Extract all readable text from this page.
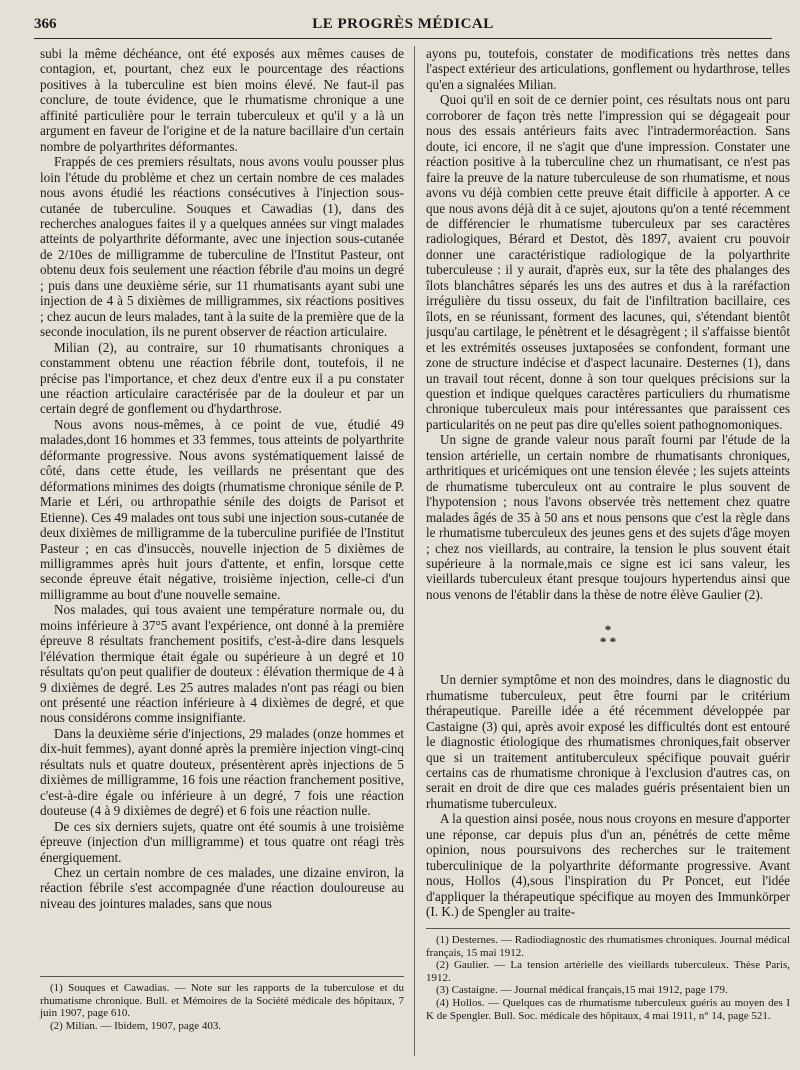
366	LE PROGRÈS MÉDICAL

subi la même déchéance, ont été exposés aux mêmes causes de contagion, et, pourtant, chez eux le pourcentage des réactions positives à la tuberculine est bien moins élevé. Ne faut-il pas conclure, de toute évidence, que le rhumatisme chronique a une affinité particulière pour le terrain tuberculeux et qu'il y a là un argument en faveur de l'origine et de la nature bacillaire d'un certain nombre de polyarthrites déformantes.

Frappés de ces premiers résultats, nous avons voulu pousser plus loin l'étude du problème et chez un certain nombre de ces malades nous avons étudié les réactions consécutives à l'injection sous-cutanée de tuberculine. Souques et Cawadias (1), dans des recherches analogues faites il y a quelques années sur vingt malades atteints de polyarthrite déformante, avec une injection sous-cutanée de 2/10es de milligramme de tuberculine de l'Institut Pasteur, ont obtenu deux fois seulement une réaction fébrile d'au moins un degré ; puis dans une deuxième série, sur 11 rhumatisants ayant subi une injection de 4 à 5 dixièmes de milligrammes, six réactions positives ; chez aucun de leurs malades, tant à la suite de la première que de la seconde inoculation, ils ne purent observer de réaction articulaire.

Milian (2), au contraire, sur 10 rhumatisants chroniques a constamment obtenu une réaction fébrile dont, toutefois, il ne précise pas l'importance, et chez deux d'entre eux il a pu constater une réaction articulaire caractérisée par de la douleur et par un certain degré de gonflement ou d'hydarthrose.

Nous avons nous-mêmes, à ce point de vue, étudié 49 malades,dont 16 hommes et 33 femmes, tous atteints de polyarthrite déformante progressive. Nous avons systématiquement laissé de côté, dans cette étude, les veillards ne présentant que des déformations minimes des doigts (rhumatisme chronique sénile de P. Marie et Léri, ou arthropathie sénile des doigts de Parisot et Etienne). Ces 49 malades ont tous subi une injection sous-cutanée de deux dixièmes de milligramme de la tuberculine purifiée de l'Institut Pasteur ; en cas d'insuccès, nouvelle injection de 5 dixièmes de milligrammes après huit jours d'attente, et enfin, lorsque cette seconde épreuve était négative, troisième injection, celle-ci d'un milligramme au bout d'une nouvelle semaine.

Nos malades, qui tous avaient une température normale ou, du moins inférieure à 37°5 avant l'expérience, ont donné à la première épreuve 8 résultats franchement positifs, c'est-à-dire dans lesquels l'élévation thermique était égale ou supérieure à un degré et 10 résultats qu'on peut qualifier de douteux : élévation thermique de 4 à 9 dixièmes de degré. Les 25 autres malades n'ont pas réagi ou bien ont présenté une réaction inférieure à 4 dixièmes de degré, et que nous considérons comme insignifiante.

Dans la deuxième série d'injections, 29 malades (onze hommes et dix-huit femmes), ayant donné après la première injection vingt-cinq résultats nuls et quatre douteux, présentèrent après injections de 5 dixièmes de milligramme, 16 fois une réaction franchement positive, c'est-à-dire égale ou inférieure à un degré, 7 fois une réaction douteuse (4 à 9 dixièmes de degré) et 6 fois une réaction nulle.

De ces six derniers sujets, quatre ont été soumis à une troisième épreuve (injection d'un milligramme) et tous quatre ont réagi très énergiquement.

Chez un certain nombre de ces malades, une dizaine environ, la réaction fébrile s'est accompagnée d'une réaction douloureuse au niveau des jointures malades, sans que nous

ayons pu, toutefois, constater de modifications très nettes dans l'aspect extérieur des articulations, gonflement ou hydarthrose, telles qu'en a signalées Milian.

Quoi qu'il en soit de ce dernier point, ces résultats nous ont paru corroborer de façon très nette l'impression qui se dégageait pour nous des essais antérieurs faits avec l'intradermoréaction. Sans doute, ici encore, il ne s'agit que d'une impression. Constater une réaction positive à la tuberculine chez un rhumatisant, ce n'est pas faire la preuve de la nature tuberculeuse de son rhumatisme, et nous avons vu déjà combien cette preuve était difficile à apporter. A ce que nous avons déjà dit à ce sujet, ajoutons qu'on a tenté récemment de différencier le rhumatisme tuberculeux par ses caractères radiologiques, Bérard et Destot, dès 1897, avaient cru pouvoir donner une caractéristique radiologique de la polyarthrite tuberculeuse : il y aurait, d'après eux, sur la tête des phalanges des îlots blanchâtres séparés les uns des autres et dus à la raréfaction irrégulière du tissu osseux, du fait de l'infiltration bacillaire, ces îlots, en se réunissant, forment des lacunes, qui, s'étendant bientôt jusqu'au cartilage, le pénètrent et le désagrègent ; il s'affaisse bientôt et les extrémités osseuses juxtaposées se confondent, formant une zone de structure indécise et d'aspect lacunaire. Desternes (1), dans un travail tout récent, donne à son tour quelques précisions sur la question et indique quelques caractères particuliers du rhumatisme chronique tuberculeux mais pour intéressantes que paraissent ces particularités on ne peut pas dire qu'elles soient pathognomoniques.

Un signe de grande valeur nous paraît fourni par l'étude de la tension artérielle, un certain nombre de rhumatisants chroniques, arthritiques et uricémiques ont une tension élevée ; les sujets atteints de rhumatisme tuberculeux ont au contraire le plus souvent de l'hypotension ; nous l'avons observée très nettement chez quatre malades âgés de 35 à 50 ans et nous pensons que c'est la règle dans le rhumatisme tuberculeux des jeunes gens et des sujets d'âge moyen ; chez nos vieillards, au contraire, la tension le plus souvent était supérieure à la normale,mais ce signe est ici sans valeur, les vieillards tuberculeux étant presque toujours hypertendus ainsi que nous venons de l'établir dans la thèse de notre élève Gaulier (2).

*
* *

Un dernier symptôme et non des moindres, dans le diagnostic du rhumatisme tuberculeux, peut être fourni par le critérium thérapeutique. Pareille idée a été récemment développée par Castaigne (3) qui, après avoir exposé les difficultés dont est entouré le diagnostic étiologique des rhumatismes chroniques,fait observer que si un traitement antituberculeux spécifique pouvait guérir certains cas de rhumatisme chronique à l'exclusion d'autres cas, on serait en droit de dire que ces malades guéris présentaient bien un rhumatisme tuberculeux.

A la question ainsi posée, nous nous croyons en mesure d'apporter une réponse, car depuis plus d'un an, pénétrés de cette même opinion, nous poursuivons des recherches sur le traitement tuberculinique de la polyarthrite déformante progressive. Avant nous, Hollos (4),sous l'inspiration du Pr Poncet, eut l'idée d'appliquer la thérapeutique spécifique au moyen des Immunkörper (I. K.) de Spengler au traite-

(1) Souques et Cawadias. — Note sur les rapports de la tuberculose et du rhumatisme chronique. Bull. et Mémoires de la Société médicale des hôpitaux, 7 juin 1907, page 610.

(2) Milian. — Ibidem, 1907, page 403.

(1) Desternes. — Radiodiagnostic des rhumatismes chroniques. Journal médical français, 15 mai 1912.

(2) Gaulier. — La tension artérielle des vieillards tuberculeux. Thèse Paris, 1912.

(3) Castaigne. — Journal médical français,15 mai 1912, page 179.

(4) Hollos. — Quelques cas de rhumatisme tuberculeux guéris au moyen des I K de Spengler. Bull. Soc. médicale des hôpitaux, 4 mai 1911, n° 14, page 521.
